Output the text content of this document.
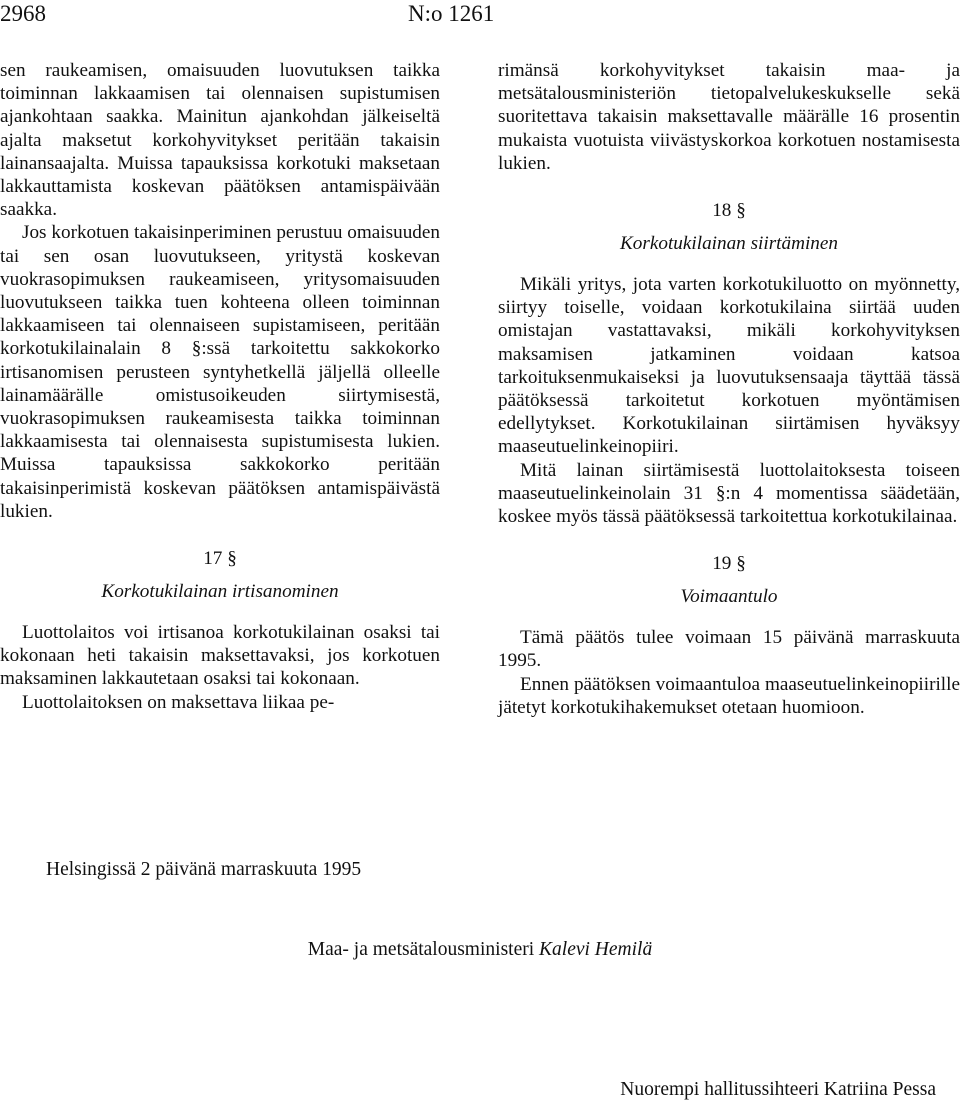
2968	N:o 1261

sen raukeamisen, omaisuuden luovutuksen taikka toiminnan lakkaamisen tai olennaisen supistumisen ajankohtaan saakka. Mainitun ajankohdan jälkeiseltä ajalta maksetut korkohyvitykset peritään takaisin lainansaajalta. Muissa tapauksissa korkotuki maksetaan lakkauttamista koskevan päätöksen antamispäivään saakka.

Jos korkotuen takaisinperiminen perustuu omaisuuden tai sen osan luovutukseen, yritystä koskevan vuokrasopimuksen raukeamiseen, yritysomaisuuden luovutukseen taikka tuen kohteena olleen toiminnan lakkaamiseen tai olennaiseen supistamiseen, peritään korkotukilainalain 8 §:ssä tarkoitettu sakkokorko irtisanomisen perusteen syntyhetkellä jäljellä olleelle lainamäärälle omistusoikeuden siirtymisestä, vuokrasopimuksen raukeamisesta taikka toiminnan lakkaamisesta tai olennaisesta supistumisesta lukien. Muissa tapauksissa sakkokorko peritään takaisinperimistä koskevan päätöksen antamispäivästä lukien.

17 §
Korkotukilainan irtisanominen

Luottolaitos voi irtisanoa korkotukilainan osaksi tai kokonaan heti takaisin maksettavaksi, jos korkotuen maksaminen lakkautetaan osaksi tai kokonaan.

Luottolaitoksen on maksettava liikaa pe-

rimänsä korkohyvitykset takaisin maa- ja metsätalousministeriön tietopalvelukeskukselle sekä suoritettava takaisin maksettavalle määrälle 16 prosentin mukaista vuotuista viivästyskorkoa korkotuen nostamisesta lukien.

18 §
Korkotukilainan siirtäminen

Mikäli yritys, jota varten korkotukiluotto on myönnetty, siirtyy toiselle, voidaan korkotukilaina siirtää uuden omistajan vastattavaksi, mikäli korkohyvityksen maksamisen jatkaminen voidaan katsoa tarkoituksenmukaiseksi ja luovutuksensaaja täyttää tässä päätöksessä tarkoitetut korkotuen myöntämisen edellytykset. Korkotukilainan siirtämisen hyväksyy maaseutuelinkeinopiiri.

Mitä lainan siirtämisestä luottolaitoksesta toiseen maaseutuelinkeinolain 31 §:n 4 momentissa säädetään, koskee myös tässä päätöksessä tarkoitettua korkotukilainaa.

19 §
Voimaantulo

Tämä päätös tulee voimaan 15 päivänä marraskuuta 1995.

Ennen päätöksen voimaantuloa maaseutuelinkeinopiirille jätetyt korkotukihakemukset otetaan huomioon.

Helsingissä 2 päivänä marraskuuta 1995
Maa- ja metsätalousministeri Kalevi Hemilä
Nuorempi hallitussihteeri Katriina Pessa
